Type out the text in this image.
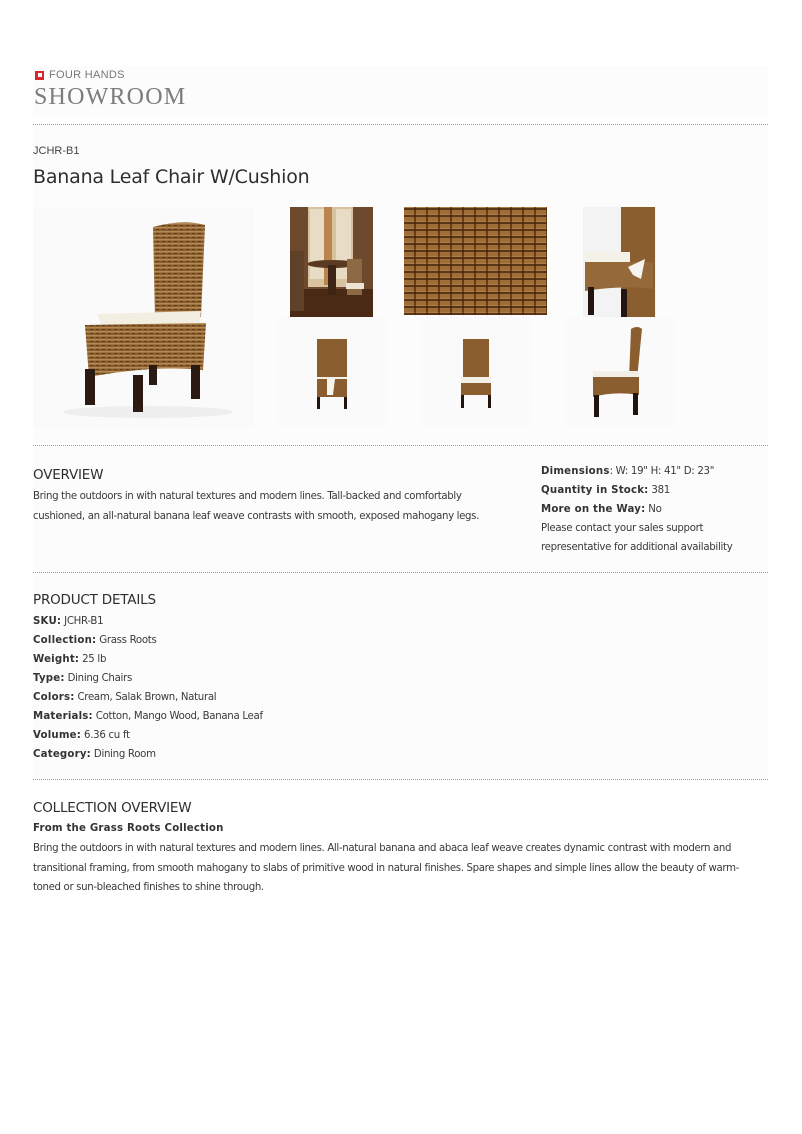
FOUR HANDS
SHOWROOM
JCHR-B1
Banana Leaf Chair W/Cushion
OVERVIEW

Bring the outdoors in with natural textures and modern lines. Tall-backed and comfortably cushioned, an all-natural banana leaf weave contrasts with smooth, exposed mahogany legs.

Dimensions: W: 19" H: 41" D: 23"
Quantity in Stock: 381
More on the Way: No
Please contact your sales support
representative for additional availability
PRODUCT DETAILS
SKU: JCHR-B1
Collection: Grass Roots
Weight: 25 lb
Type: Dining Chairs
Colors: Cream, Salak Brown, Natural
Materials: Cotton, Mango Wood, Banana Leaf
Volume: 6.36 cu ft
Category: Dining Room
COLLECTION OVERVIEW
From the Grass Roots Collection
Bring the outdoors in with natural textures and modern lines. All-natural banana and abaca leaf weave creates dynamic contrast with modern and
transitional framing, from smooth mahogany to slabs of primitive wood in natural finishes. Spare shapes and simple lines allow the beauty of warm-
toned or sun-bleached finishes to shine through.
